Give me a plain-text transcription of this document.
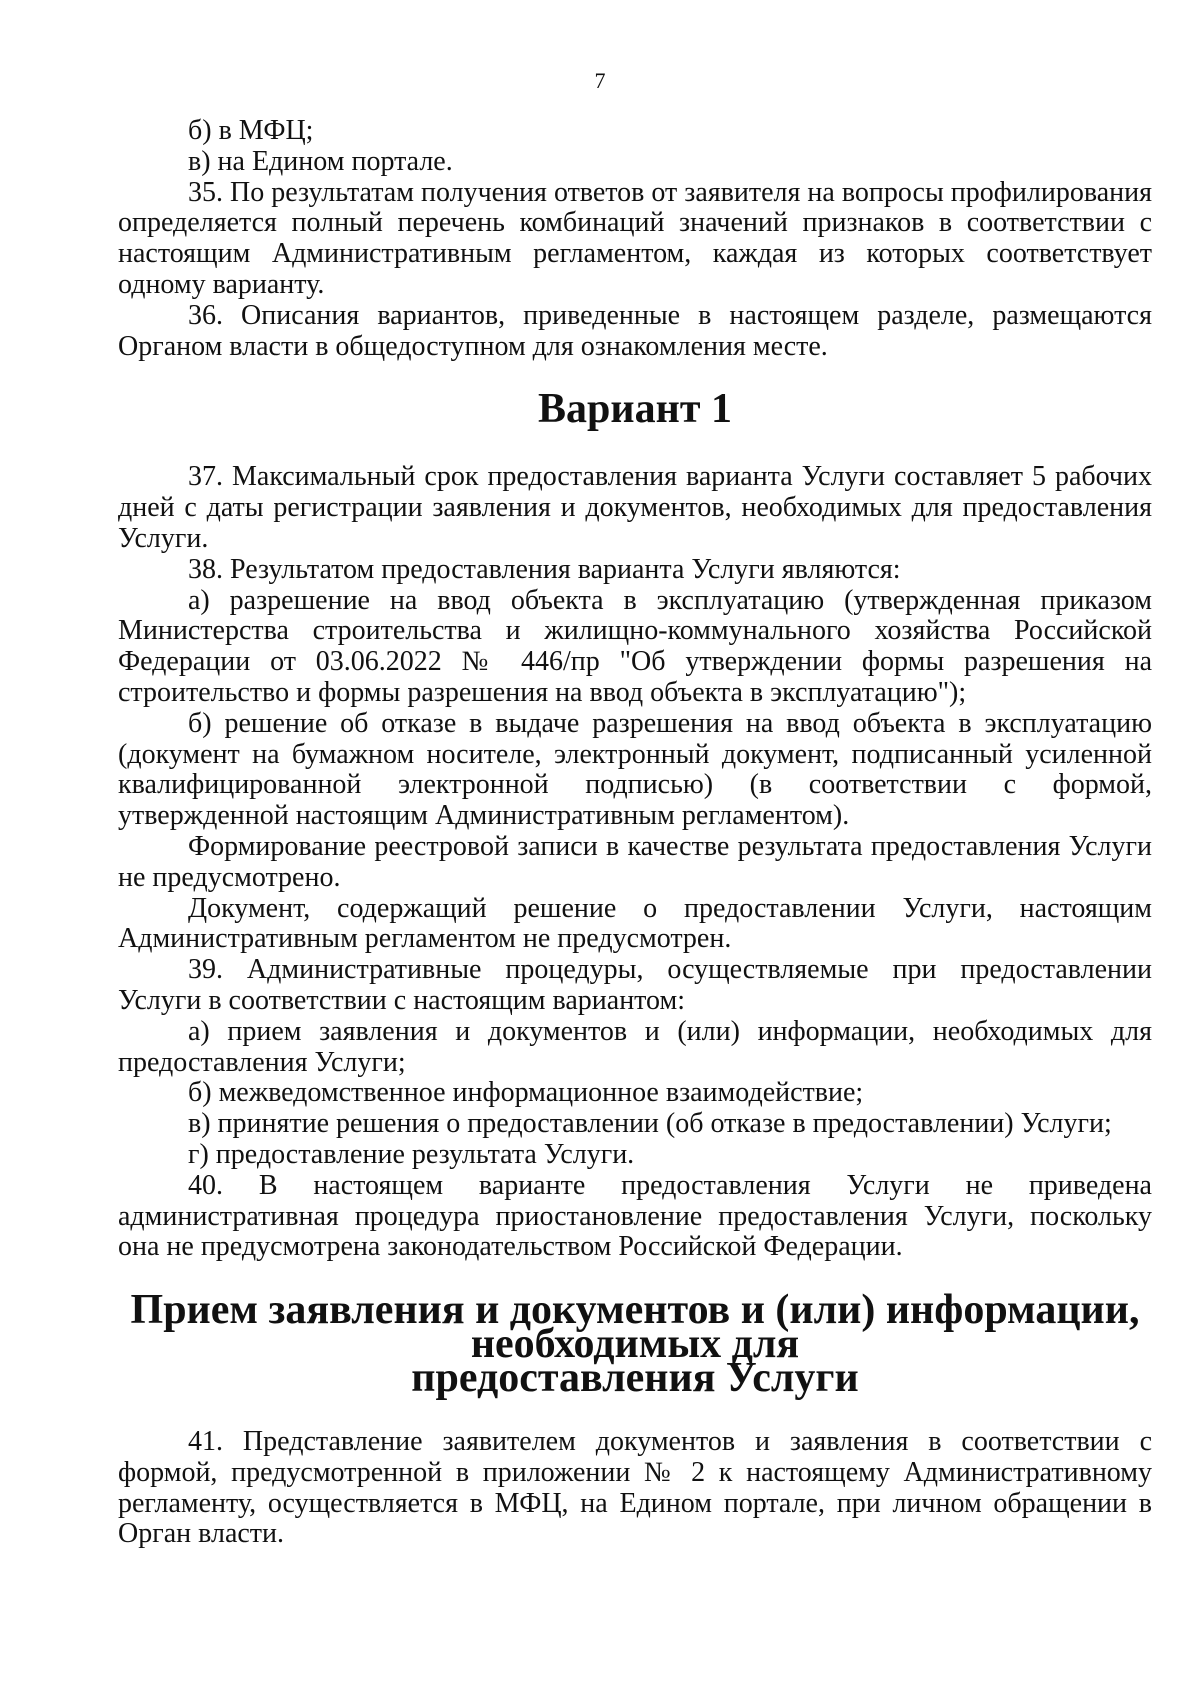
7

б) в МФЦ;

в) на Едином портале.

35. По результатам получения ответов от заявителя на вопросы профилирования определяется полный перечень комбинаций значений признаков в соответствии с настоящим Административным регламентом, каждая из которых соответствует одному варианту.

36. Описания вариантов, приведенные в настоящем разделе, размещаются Органом власти в общедоступном для ознакомления месте.

Вариант 1

37. Максимальный срок предоставления варианта Услуги составляет 5 рабочих дней с даты регистрации заявления и документов, необходимых для предоставления Услуги.

38. Результатом предоставления варианта Услуги являются:

а) разрешение на ввод объекта в эксплуатацию (утвержденная приказом Министерства строительства и жилищно-коммунального хозяйства Российской Федерации от 03.06.2022 № 446/пр "Об утверждении формы разрешения на строительство и формы разрешения на ввод объекта в эксплуатацию");

б) решение об отказе в выдаче разрешения на ввод объекта в эксплуатацию (документ на бумажном носителе, электронный документ, подписанный усиленной квалифицированной электронной подписью) (в соответствии с формой, утвержденной настоящим Административным регламентом).

Формирование реестровой записи в качестве результата предоставления Услуги не предусмотрено.

Документ, содержащий решение о предоставлении Услуги, настоящим Административным регламентом не предусмотрен.

39. Административные процедуры, осуществляемые при предоставлении Услуги в соответствии с настоящим вариантом:

а) прием заявления и документов и (или) информации, необходимых для предоставления Услуги;

б) межведомственное информационное взаимодействие;

в) принятие решения о предоставлении (об отказе в предоставлении) Услуги;

г) предоставление результата Услуги.

40. В настоящем варианте предоставления Услуги не приведена административная процедура приостановление предоставления Услуги, поскольку она не предусмотрена законодательством Российской Федерации.

Прием заявления и документов и (или) информации, необходимых для
предоставления Услуги

41. Представление заявителем документов и заявления в соответствии с формой, предусмотренной в приложении № 2 к настоящему Административному регламенту, осуществляется в МФЦ, на Едином портале, при личном обращении в Орган власти.
